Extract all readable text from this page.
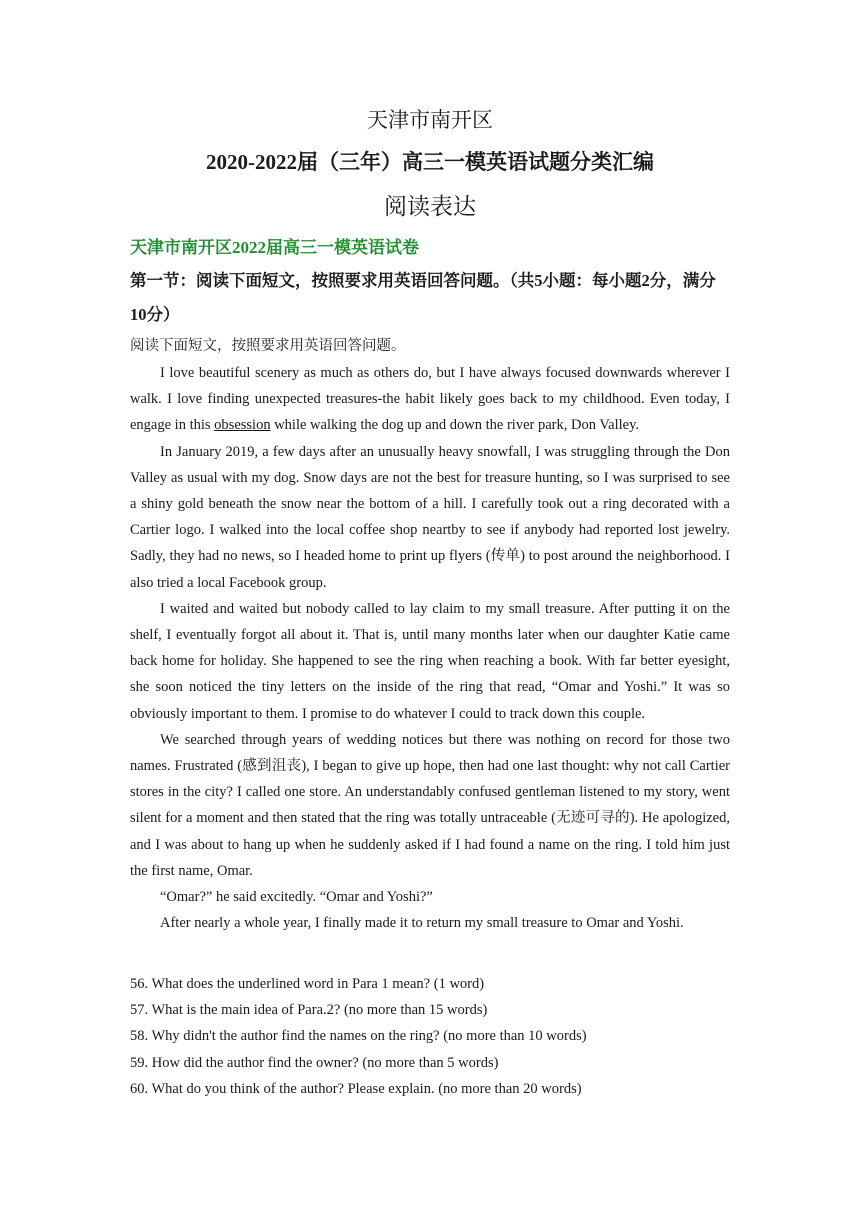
天津市南开区
2020-2022届（三年）高三一模英语试题分类汇编
阅读表达
天津市南开区2022届高三一模英语试卷
第一节：阅读下面短文，按照要求用英语回答问题。（共5小题：每小题2分，满分10分）
阅读下面短文，按照要求用英语回答问题。

I love beautiful scenery as much as others do, but I have always focused downwards wherever I walk. I love finding unexpected treasures-the habit likely goes back to my childhood. Even today, I engage in this obsession while walking the dog up and down the river park, Don Valley.

In January 2019, a few days after an unusually heavy snowfall, I was struggling through the Don Valley as usual with my dog. Snow days are not the best for treasure hunting, so I was surprised to see a shiny gold beneath the snow near the bottom of a hill. I carefully took out a ring decorated with a Cartier logo. I walked into the local coffee shop neartby to see if anybody had reported lost jewelry. Sadly, they had no news, so I headed home to print up flyers (传单) to post around the neighborhood. I also tried a local Facebook group.

I waited and waited but nobody called to lay claim to my small treasure. After putting it on the shelf, I eventually forgot all about it. That is, until many months later when our daughter Katie came back home for holiday. She happened to see the ring when reaching a book. With far better eyesight, she soon noticed the tiny letters on the inside of the ring that read, “Omar and Yoshi.” It was so obviously important to them. I promise to do whatever I could to track down this couple.

We searched through years of wedding notices but there was nothing on record for those two names. Frustrated (感到沮丧), I began to give up hope, then had one last thought: why not call Cartier stores in the city? I called one store. An understandably confused gentleman listened to my story, went silent for a moment and then stated that the ring was totally untraceable (无迹可寻的). He apologized, and I was about to hang up when he suddenly asked if I had found a name on the ring. I told him just the first name, Omar.

“Omar?” he said excitedly. “Omar and Yoshi?”

After nearly a whole year, I finally made it to return my small treasure to Omar and Yoshi.

56. What does the underlined word in Para 1 mean? (1 word)
57. What is the main idea of Para.2? (no more than 15 words)
58. Why didn't the author find the names on the ring? (no more than 10 words)
59. How did the author find the owner? (no more than 5 words)
60. What do you think of the author? Please explain. (no more than 20 words)
